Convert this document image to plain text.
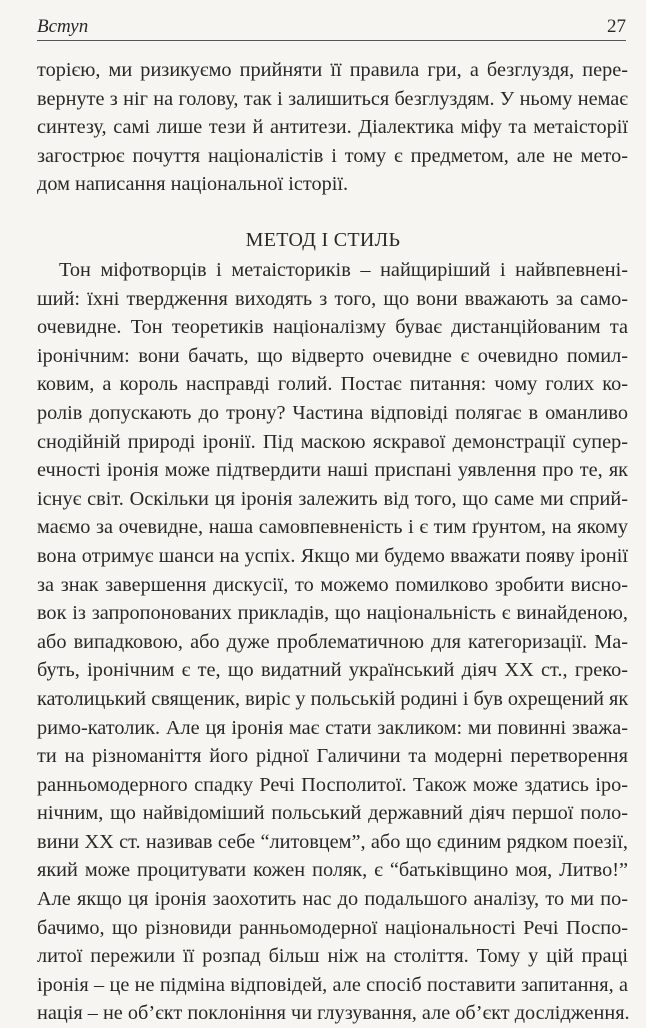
Вступ	27
торією, ми ризикуємо прийняти її правила гри, а безглуздя, пере-
вернуте з ніг на голову, так і залишиться безглуздям. У ньому немає
синтезу, самі лише тези й антитези. Діалектика міфу та метаісторії
загострює почуття націоналістів і тому є предметом, але не мето-
дом написання національної історії.
МЕТОД І СТИЛЬ
Тон міфотворців і метаісториків – найщиріший і найвпевнені-
ший: їхні твердження виходять з того, що вони вважають за само-
очевидне. Тон теоретиків націоналізму буває дистанційованим та
іронічним: вони бачать, що відверто очевидне є очевидно помил-
ковим, а король насправді голий. Постає питання: чому голих ко-
ролів допускають до трону? Частина відповіді полягає в оманливо
снодійній природі іронії. Під маскою яскравої демонстрації супер-
ечності іронія може підтвердити наші приспані уявлення про те, як
існує світ. Оскільки ця іронія залежить від того, що саме ми сприй-
маємо за очевидне, наша самовпевненість і є тим ґрунтом, на якому
вона отримує шанси на успіх. Якщо ми будемо вважати появу іронії
за знак завершення дискусії, то можемо помилково зробити висно-
вок із запропонованих прикладів, що національність є винайденою,
або випадковою, або дуже проблематичною для категоризації. Ма-
буть, іронічним є те, що видатний український діяч XX ст., греко-
католицький священик, виріс у польській родині і був охрещений як
римо-католик. Але ця іронія має стати закликом: ми повинні зважа-
ти на різноманіття його рідної Галичини та модерні перетворення
ранньомодерного спадку Речі Посполитої. Також може здатись іро-
нічним, що найвідоміший польський державний діяч першої поло-
вини XX ст. називав себе “литовцем”, або що єдиним рядком поезії,
який може процитувати кожен поляк, є “батьківщино моя, Литво!”
Але якщо ця іронія заохотить нас до подальшого аналізу, то ми по-
бачимо, що різновиди ранньомодерної національності Речі Поспо-
литої пережили її розпад більш ніж на століття. Тому у цій праці
іронія – це не підміна відповідей, але спосіб поставити запитання, а
нація – не об’єкт поклоніння чи глузування, але об’єкт дослідження.
